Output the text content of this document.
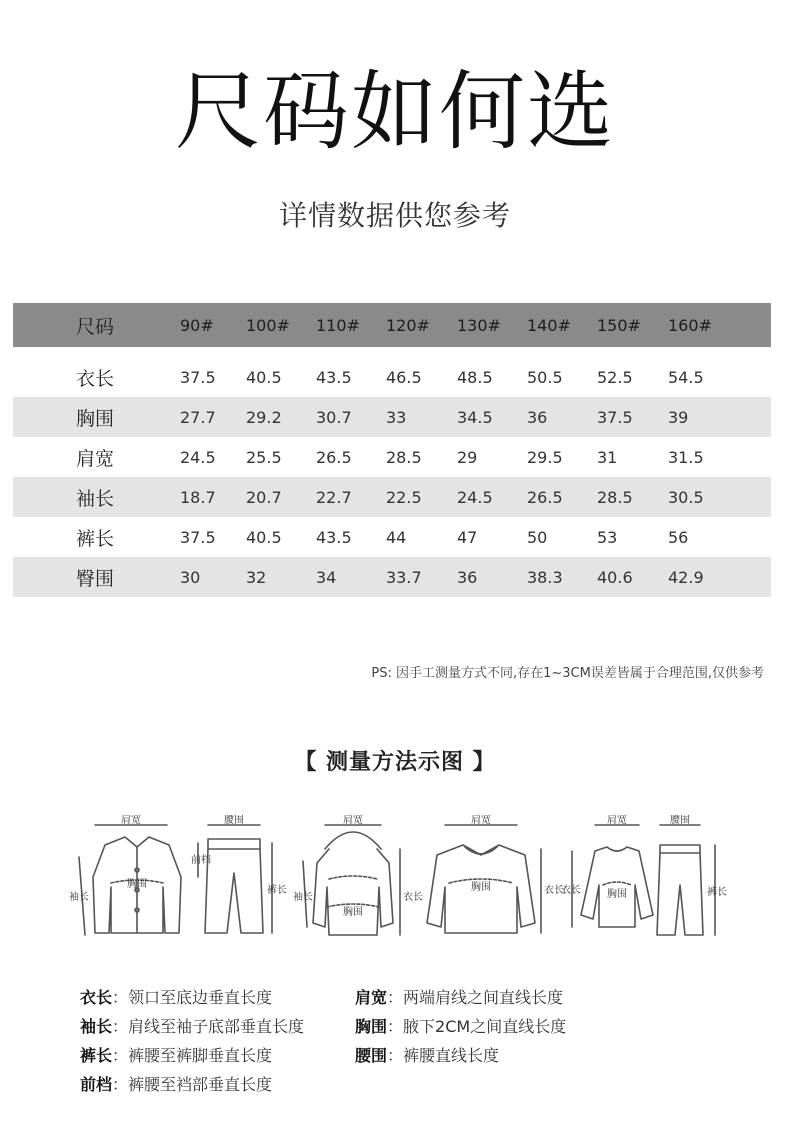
尺码如何选
详情数据供您参考
尺码	90# 100# 110# 120# 130# 140# 150# 160#
衣长	37.5 40.5 43.5 46.5 48.5 50.5 52.5 54.5
胸围	27.7 29.2 30.7 33	34.5 36	37.5 39
肩宽	24.5 25.5 26.5 28.5 29	29.5 31	31.5
袖长	18.7 20.7 22.7 22.5 24.5 26.5 28.5 30.5
裤长	37.5 40.5 43.5 44	47	50	53	56
臀围	30	32	34	33.7 36	38.3 40.6 42.9
PS: 因手工测量方式不同,存在1~3CM误差皆属于合理范围,仅供参考
【 测量方法示图 】
肩宽
胸围
袖长
腰围
前档
裤长
肩宽
胸围
袖长	衣长
肩宽
胸围	衣长
肩宽
胸围
衣长
腰围
裤长
衣长：领口至底边垂直长度	肩宽：两端肩线之间直线长度
袖长：肩线至袖子底部垂直长度	胸围：腋下2CM之间直线长度
裤长：裤腰至裤脚垂直长度	腰围：裤腰直线长度
前档：裤腰至裆部垂直长度
